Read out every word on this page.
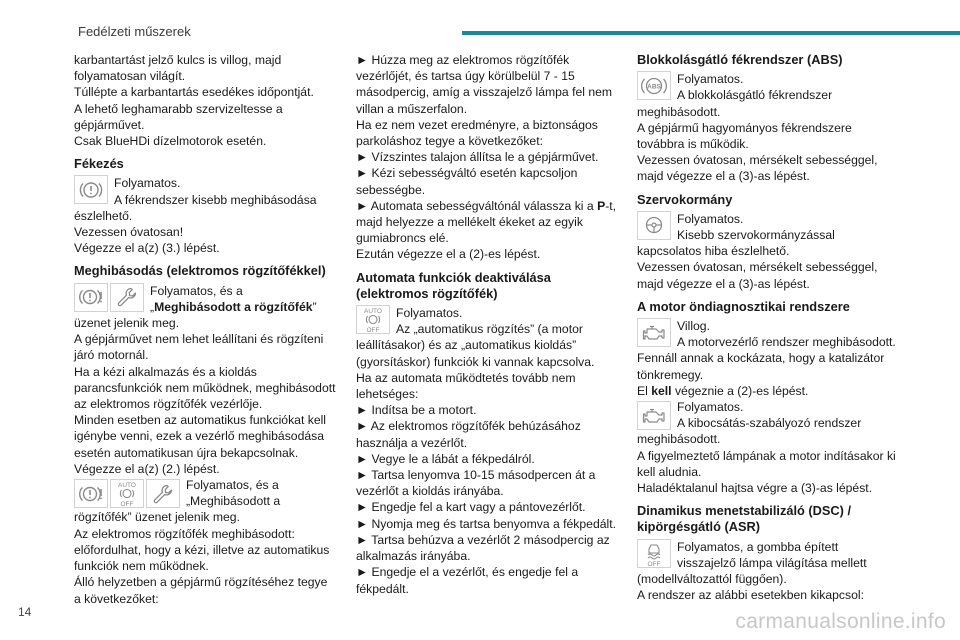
Fedélzeti műszerek

karbantartást jelző kulcs is villog, majd folyamatosan világít.

Túllépte a karbantartás esedékes időpontját.

A lehető leghamarabb szervizeltesse a gépjárművet.

Csak BlueHDi dízelmotorok esetén.

Fékezés

Folyamatos.

A fékrendszer kisebb meghibásodása észlelhető.

Vezessen óvatosan!

Végezze el a(z) (3.) lépést.

Meghibásodás (elektromos rögzítőfékkel)

Folyamatos, és a „Meghibásodott a rögzítőfék” üzenet jelenik meg.

A gépjárművet nem lehet leállítani és rögzíteni járó motornál.

Ha a kézi alkalmazás és a kioldás parancsfunkciók nem működnek, meghibásodott az elektromos rögzítőfék vezérlője.

Minden esetben az automatikus funkciókat kell igénybe venni, ezek a vezérlő meghibásodása esetén automatikusan újra bekapcsolnak.

Végezze el a(z) (2.) lépést.

AUTO
OFF

Folyamatos, és a „Meghibásodott a rögzítőfék” üzenet jelenik meg.

Az elektromos rögzítőfék meghibásodott: előfordulhat, hogy a kézi, illetve az automatikus funkciók nem működnek.

Álló helyzetben a gépjármű rögzítéséhez tegye a következőket:

► Húzza meg az elektromos rögzítőfék vezérlőjét, és tartsa úgy körülbelül 7 - 15 másodpercig, amíg a visszajelző lámpa fel nem villan a műszerfalon.

Ha ez nem vezet eredményre, a biztonságos parkoláshoz tegye a következőket:

► Vízszintes talajon állítsa le a gépjárművet.

► Kézi sebességváltó esetén kapcsoljon sebességbe.

► Automata sebességváltónál válassza ki a P-t, majd helyezze a mellékelt ékeket az egyik gumiabroncs elé.

Ezután végezze el a (2)-es lépést.

Automata funkciók deaktiválása (elektromos rögzítőfék)

AUTO
OFF

Folyamatos.

Az „automatikus rögzítés” (a motor leállításakor) és az „automatikus kioldás” (gyorsításkor) funkciók ki vannak kapcsolva.

Ha az automata működtetés tovább nem lehetséges:

► Indítsa be a motort.

► Az elektromos rögzítőfék behúzásához használja a vezérlőt.

► Vegye le a lábát a fékpedálról.

► Tartsa lenyomva 10-15 másodpercen át a vezérlőt a kioldás irányába.

► Engedje fel a kart vagy a pántovezérlőt.

► Nyomja meg és tartsa benyomva a fékpedált.

► Tartsa behúzva a vezérlőt 2 másodpercig az alkalmazás irányába.

► Engedje el a vezérlőt, és engedje fel a fékpedált.

Blokkolásgátló fékrendszer (ABS)

ABS

Folyamatos.

A blokkolásgátló fékrendszer meghibásodott.

A gépjármű hagyományos fékrendszere továbbra is működik.

Vezessen óvatosan, mérsékelt sebességgel, majd végezze el a (3)-as lépést.

Szervokormány

Folyamatos.

Kisebb szervokormányzással kapcsolatos hiba észlelhető.

Vezessen óvatosan, mérsékelt sebességgel, majd végezze el a (3)-as lépést.

A motor öndiagnosztikai rendszere

Villog.

A motorvezérlő rendszer meghibásodott.

Fennáll annak a kockázata, hogy a katalizátor tönkremegy.

El kell végeznie a (2)-es lépést.

Folyamatos.

A kibocsátás-szabályozó rendszer meghibásodott.

A figyelmeztető lámpának a motor indításakor ki kell aludnia.

Haladéktalanul hajtsa végre a (3)-as lépést.

Dinamikus menetstabilizáló (DSC) / kipörgésgátló (ASR)

OFF

Folyamatos, a gombba épített visszajelző lámpa világítása mellett (modellváltozattól függően).

A rendszer az alábbi esetekben kikapcsol:

14	carmanualsonline.info
